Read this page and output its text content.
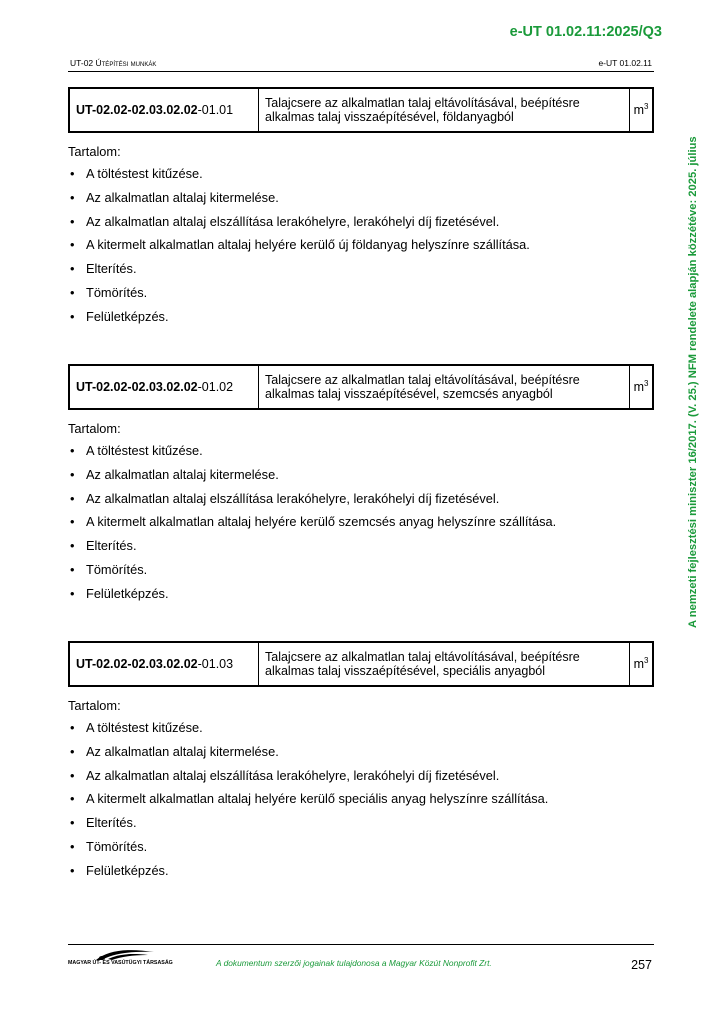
e-UT 01.02.11:2025/Q3
UT-02 Útépítési munkák	e-UT 01.02.11
UT-02.02-02.03.02.02-01.01	Talajcsere az alkalmatlan talaj eltávolításával, beépítésre
alkalmas talaj visszaépítésével, földanyagból	$m^3$
Tartalom:
• A töltéstest kitűzése.
• Az alkalmatlan altalaj kitermelése.
• Az alkalmatlan altalaj elszállítása lerakóhelyre, lerakóhelyi díj fizetésével.
• A kitermelt alkalmatlan altalaj helyére kerülő új földanyag helyszínre szállítása.
• Elterítés.
• Tömörítés.
• Felületképzés.
UT-02.02-02.03.02.02-01.02	Talajcsere az alkalmatlan talaj eltávolításával, beépítésre
alkalmas talaj visszaépítésével, szemcsés anyagból	$m^3$
Tartalom:
• A töltéstest kitűzése.
• Az alkalmatlan altalaj kitermelése.
• Az alkalmatlan altalaj elszállítása lerakóhelyre, lerakóhelyi díj fizetésével.
• A kitermelt alkalmatlan altalaj helyére kerülő szemcsés anyag helyszínre szállítása.
• Elterítés.
• Tömörítés.
• Felületképzés.
UT-02.02-02.03.02.02-01.03	Talajcsere az alkalmatlan talaj eltávolításával, beépítésre
alkalmas talaj visszaépítésével, speciális anyagból	$m^3$
Tartalom:
• A töltéstest kitűzése.
• Az alkalmatlan altalaj kitermelése.
• Az alkalmatlan altalaj elszállítása lerakóhelyre, lerakóhelyi díj fizetésével.
• A kitermelt alkalmatlan altalaj helyére kerülő speciális anyag helyszínre szállítása.
• Elterítés.
• Tömörítés.
• Felületképzés.
A nemzeti fejlesztési miniszter 16/2017. (V. 25.) NFM rendelete alapján közzétéve: 2025. július
MAGYAR ÚT- ÉS VASÚTÜGYI TÁRSASÁG	A dokumentum szerzői jogainak tulajdonosa a Magyar Közút Nonprofit Zrt.	257
